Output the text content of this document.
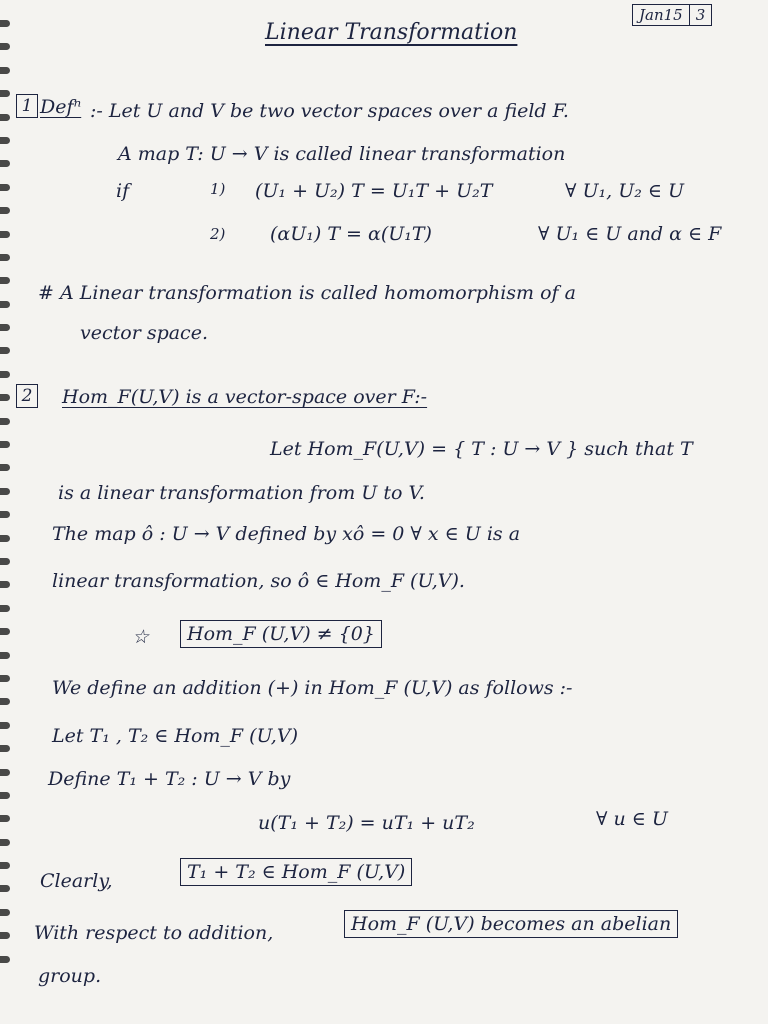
Jan15 3
Linear Transformation
1 Defⁿ :- Let U and V be two vector spaces over a field F.
A map T: U → V is called linear transformation
if	1) (U₁ + U₂) T = U₁T + U₂T	∀ U₁, U₂ ∈ U
2) (αU₁) T = α(U₁T)	∀ U₁ ∈ U and α ∈ F
# A Linear transformation is called homomorphism of a
vector space.
2 Hom_F(U,V) is a vector-space over F:-
Let Hom_F(U,V) = { T : U → V } such that T
is a linear transformation from U to V.
The map ô : U → V defined by xô = 0 ∀ x ∈ U is a
linear transformation, so ô ∈ Hom_F (U,V).
☆	Hom_F (U,V) ≠ {0}
We define an addition (+) in Hom_F (U,V) as follows :-
Let T₁ , T₂ ∈ Hom_F (U,V)
Define T₁ + T₂ : U → V by
u(T₁ + T₂) = uT₁ + uT₂	∀ u ∈ U
Clearly,	T₁ + T₂ ∈ Hom_F (U,V)
With respect to addition,	Hom_F (U,V) becomes an abelian
group.
